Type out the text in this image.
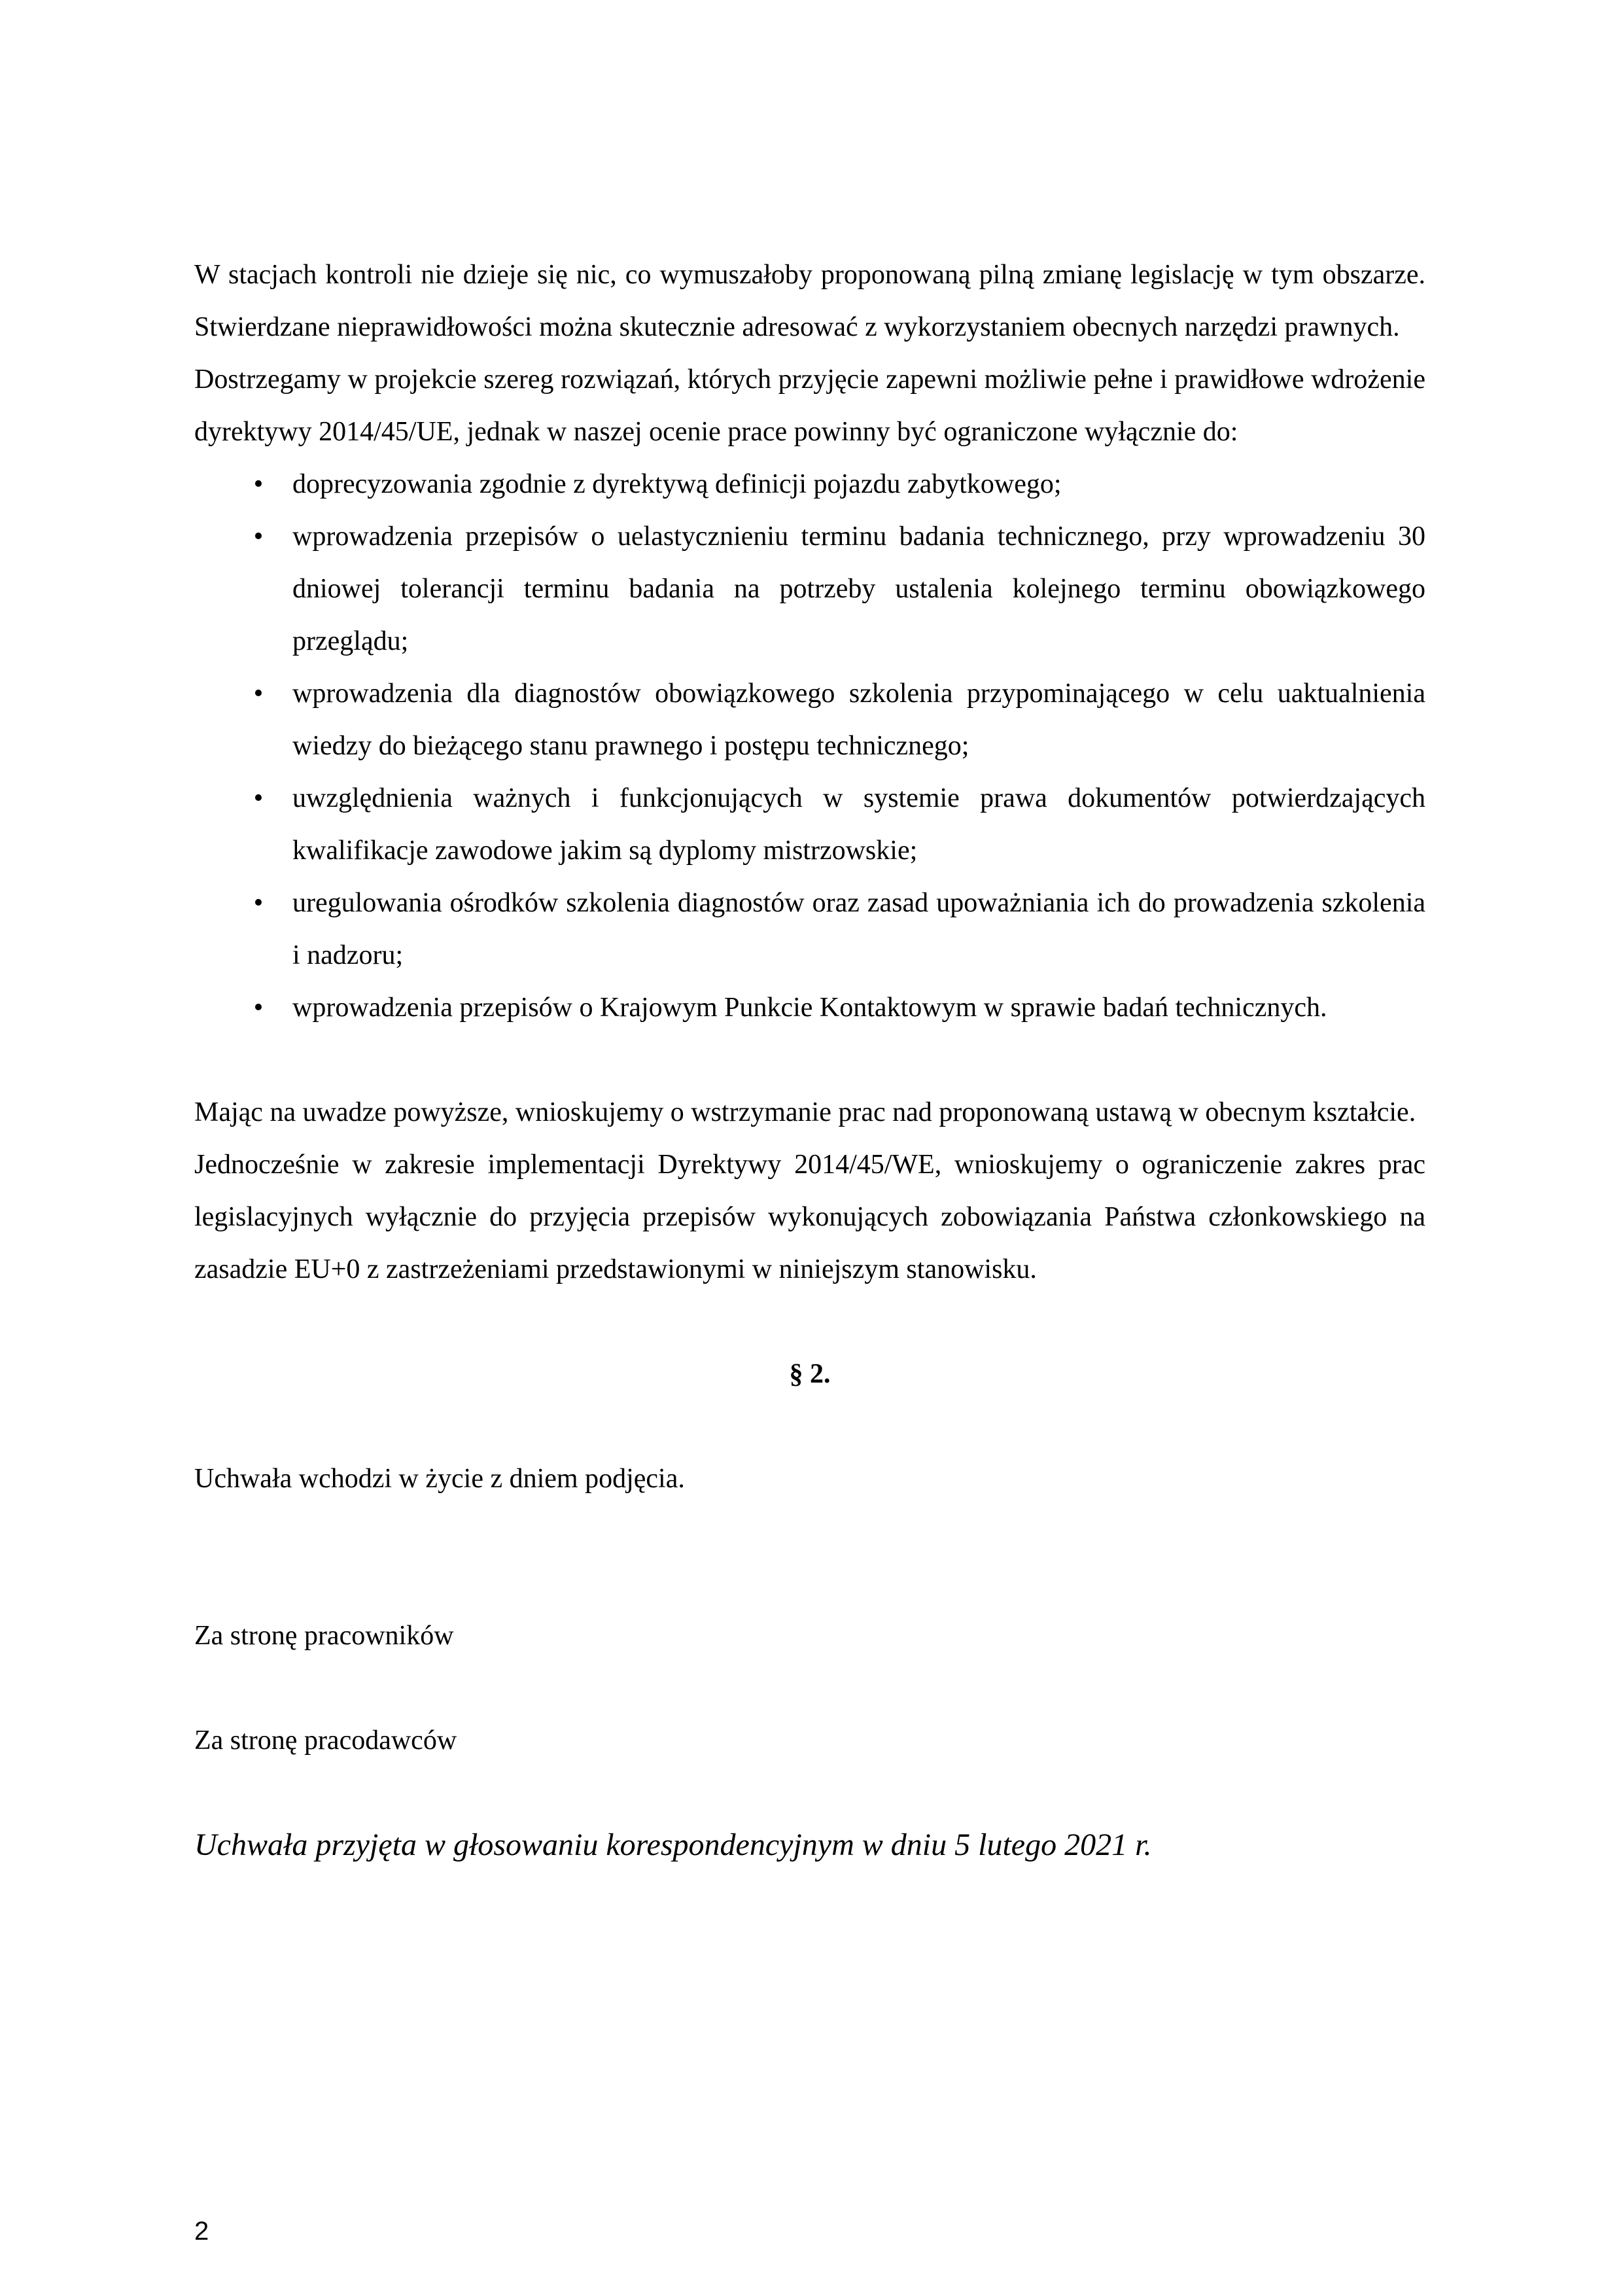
W stacjach kontroli nie dzieje się nic, co wymuszałoby proponowaną pilną zmianę legislację w tym obszarze. Stwierdzane nieprawidłowości można skutecznie adresować z wykorzystaniem obecnych narzędzi prawnych.

Dostrzegamy w projekcie szereg rozwiązań, których przyjęcie zapewni możliwie pełne i prawidłowe wdrożenie dyrektywy 2014/45/UE, jednak w naszej ocenie prace powinny być ograniczone wyłącznie do:

•	doprecyzowania zgodnie z dyrektywą definicji pojazdu zabytkowego;
•	wprowadzenia przepisów o uelastycznieniu terminu badania technicznego, przy wprowadzeniu 30 dniowej tolerancji terminu badania na potrzeby ustalenia kolejnego terminu obowiązkowego przeglądu;
•	wprowadzenia dla diagnostów obowiązkowego szkolenia przypominającego w celu uaktualnienia wiedzy do bieżącego stanu prawnego i postępu technicznego;
•	uwzględnienia ważnych i funkcjonujących w systemie prawa dokumentów potwierdzających kwalifikacje zawodowe jakim są dyplomy mistrzowskie;
•	uregulowania ośrodków szkolenia diagnostów oraz zasad upoważniania ich do prowadzenia szkolenia i nadzoru;
•	wprowadzenia przepisów o Krajowym Punkcie Kontaktowym w sprawie badań technicznych.

Mając na uwadze powyższe, wnioskujemy o wstrzymanie prac nad proponowaną ustawą w obecnym kształcie.

Jednocześnie w zakresie implementacji Dyrektywy 2014/45/WE, wnioskujemy o ograniczenie zakres prac legislacyjnych wyłącznie do przyjęcia przepisów wykonujących zobowiązania Państwa członkowskiego na zasadzie EU+0 z zastrzeżeniami przedstawionymi w niniejszym stanowisku.

§ 2.

Uchwała wchodzi w życie z dniem podjęcia.

Za stronę pracowników

Za stronę pracodawców

Uchwała przyjęta w głosowaniu korespondencyjnym w dniu 5 lutego 2021 r.

2
